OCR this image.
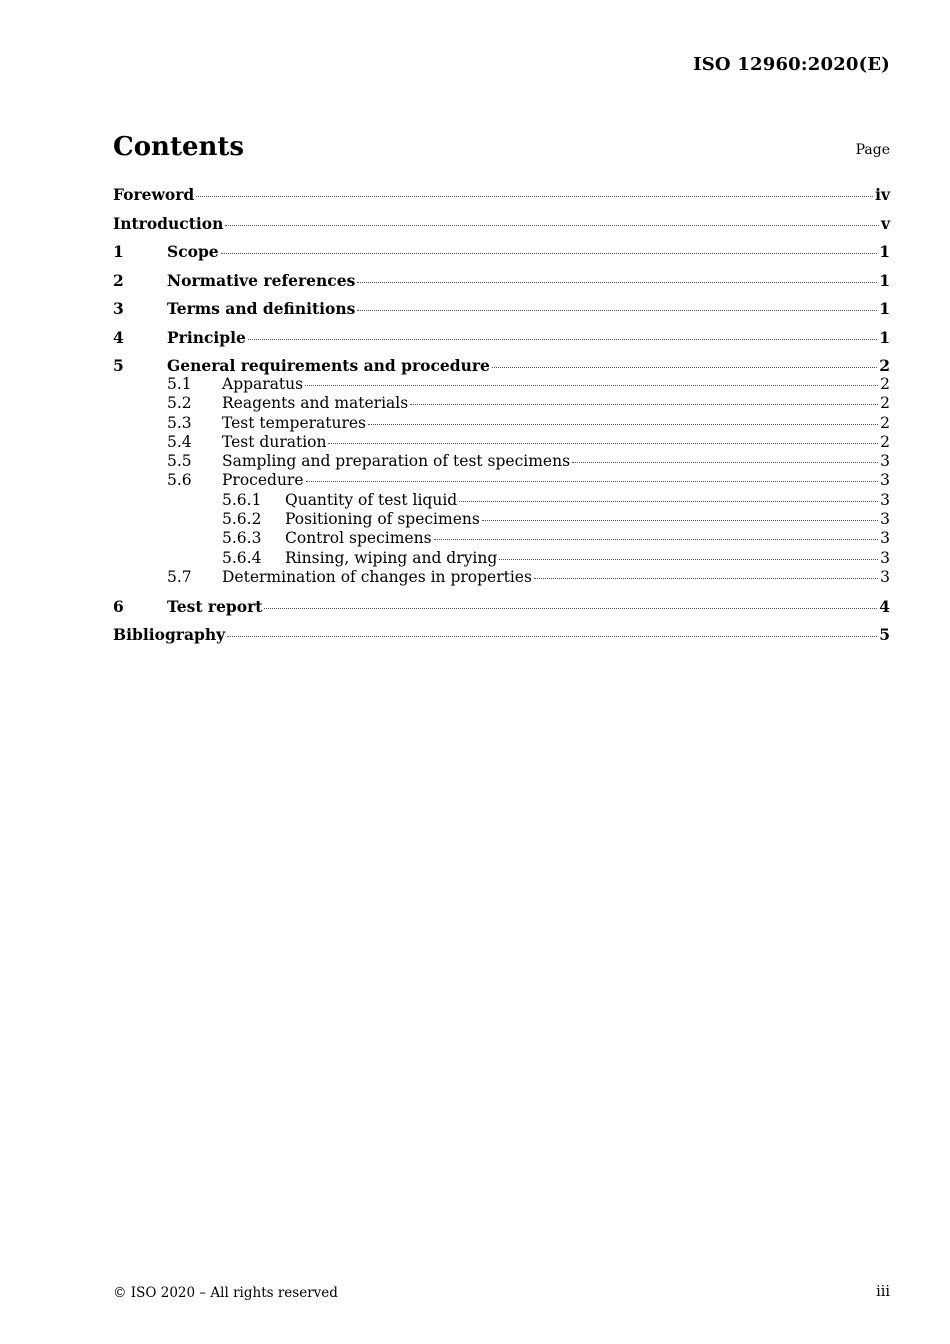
ISO 12960:2020(E)
Contents	Page
Foreword	iv
Introduction	v
1	Scope	1
2	Normative references	1
3	Terms and definitions	1
4	Principle	1
5	General requirements and procedure	2
5.1	Apparatus	2
5.2	Reagents and materials	2
5.3	Test temperatures	2
5.4	Test duration	2
5.5	Sampling and preparation of test specimens	3
5.6	Procedure	3
5.6.1	Quantity of test liquid	3
5.6.2	Positioning of specimens	3
5.6.3	Control specimens	3
5.6.4	Rinsing, wiping and drying	3
5.7	Determination of changes in properties	3
6	Test report	4
Bibliography	5
© ISO 2020 – All rights reserved	iii
